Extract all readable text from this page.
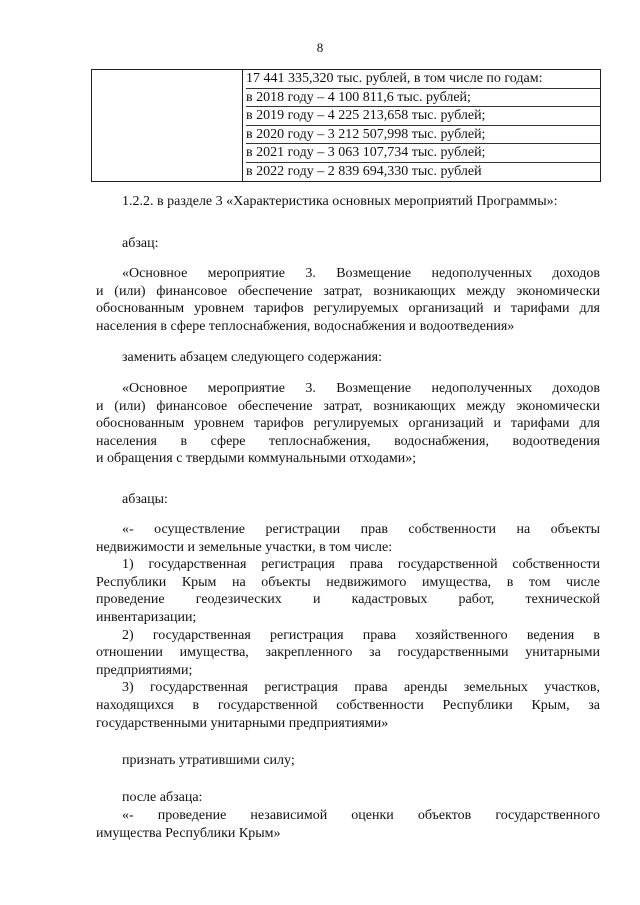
8

17 441 335,320 тыс. рублей, в том числе по годам:
в 2018 году – 4 100 811,6 тыс. рублей;
в 2019 году – 4 225 213,658 тыс. рублей;
в 2020 году – 3 212 507,998 тыс. рублей;
в 2021 году – 3 063 107,734 тыс. рублей;
в 2022 году – 2 839 694,330 тыс. рублей
1.2.2. в разделе 3 «Характеристика основных мероприятий Программы»:
абзац:
«Основное мероприятие 3. Возмещение недополученных доходов
и (или) финансовое обеспечение затрат, возникающих между экономически
обоснованным уровнем тарифов регулируемых организаций и тарифами для
населения в сфере теплоснабжения, водоснабжения и водоотведения»
заменить абзацем следующего содержания:
«Основное мероприятие 3. Возмещение недополученных доходов
и (или) финансовое обеспечение затрат, возникающих между экономически
обоснованным уровнем тарифов регулируемых организаций и тарифами для
населения в сфере теплоснабжения, водоснабжения, водоотведения
и обращения с твердыми коммунальными отходами»;
абзацы:
«- осуществление регистрации прав собственности на объекты
недвижимости и земельные участки, в том числе:
1) государственная регистрация права государственной собственности
Республики Крым на объекты недвижимого имущества, в том числе
проведение геодезических и кадастровых работ, технической
инвентаризации;
2) государственная регистрация права хозяйственного ведения в
отношении имущества, закрепленного за государственными унитарными
предприятиями;
3) государственная регистрация права аренды земельных участков,
находящихся в государственной собственности Республики Крым, за
государственными унитарными предприятиями»
признать утратившими силу;
после абзаца:
«- проведение независимой оценки объектов государственного
имущества Республики Крым»
